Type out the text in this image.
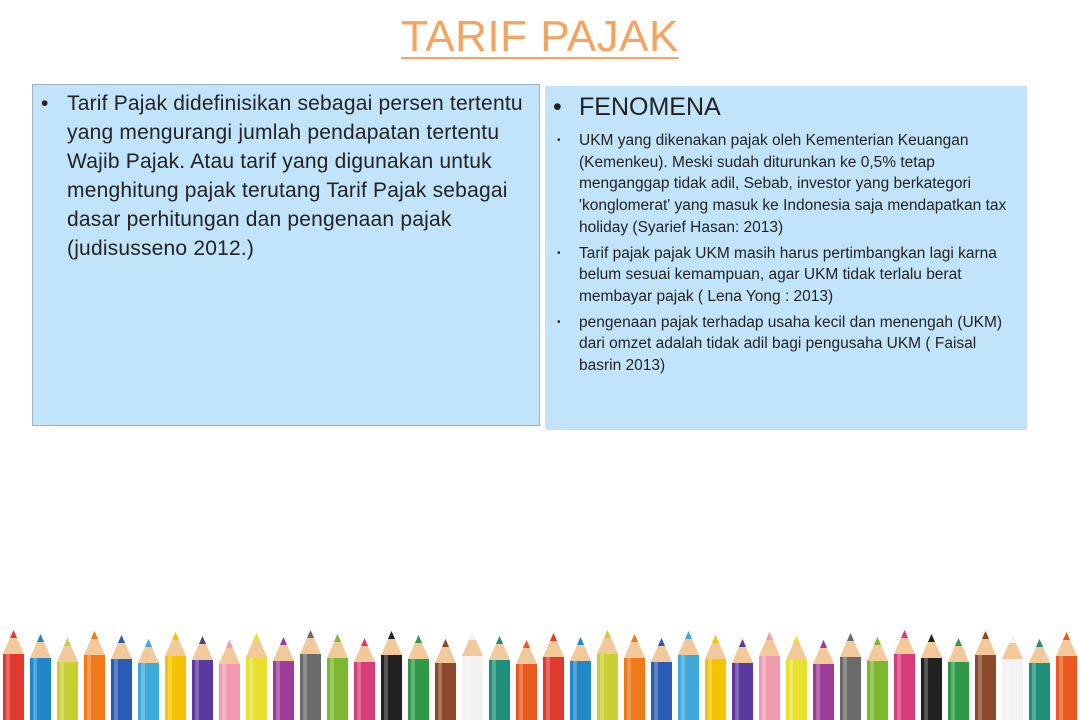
TARIF PAJAK
• Tarif Pajak didefinisikan sebagai persen tertentu yang mengurangi jumlah pendapatan tertentu Wajib Pajak. Atau tarif yang digunakan untuk menghitung pajak terutang Tarif Pajak sebagai dasar perhitungan dan pengenaan pajak (judisusseno 2012.)
• FENOMENA
•	UKM yang dikenakan pajak oleh Kementerian Keuangan (Kemenkeu). Meski sudah diturunkan ke 0,5% tetap menganggap tidak adil, Sebab, investor yang berkategori 'konglomerat' yang masuk ke Indonesia saja mendapatkan tax holiday (Syarief Hasan: 2013)
•	Tarif pajak pajak UKM masih harus pertimbangkan lagi karna belum sesuai kemampuan, agar UKM tidak terlalu berat membayar pajak ( Lena Yong : 2013)
•	pengenaan pajak terhadap usaha kecil dan menengah (UKM) dari omzet adalah tidak adil bagi pengusaha UKM ( Faisal basrin 2013)
